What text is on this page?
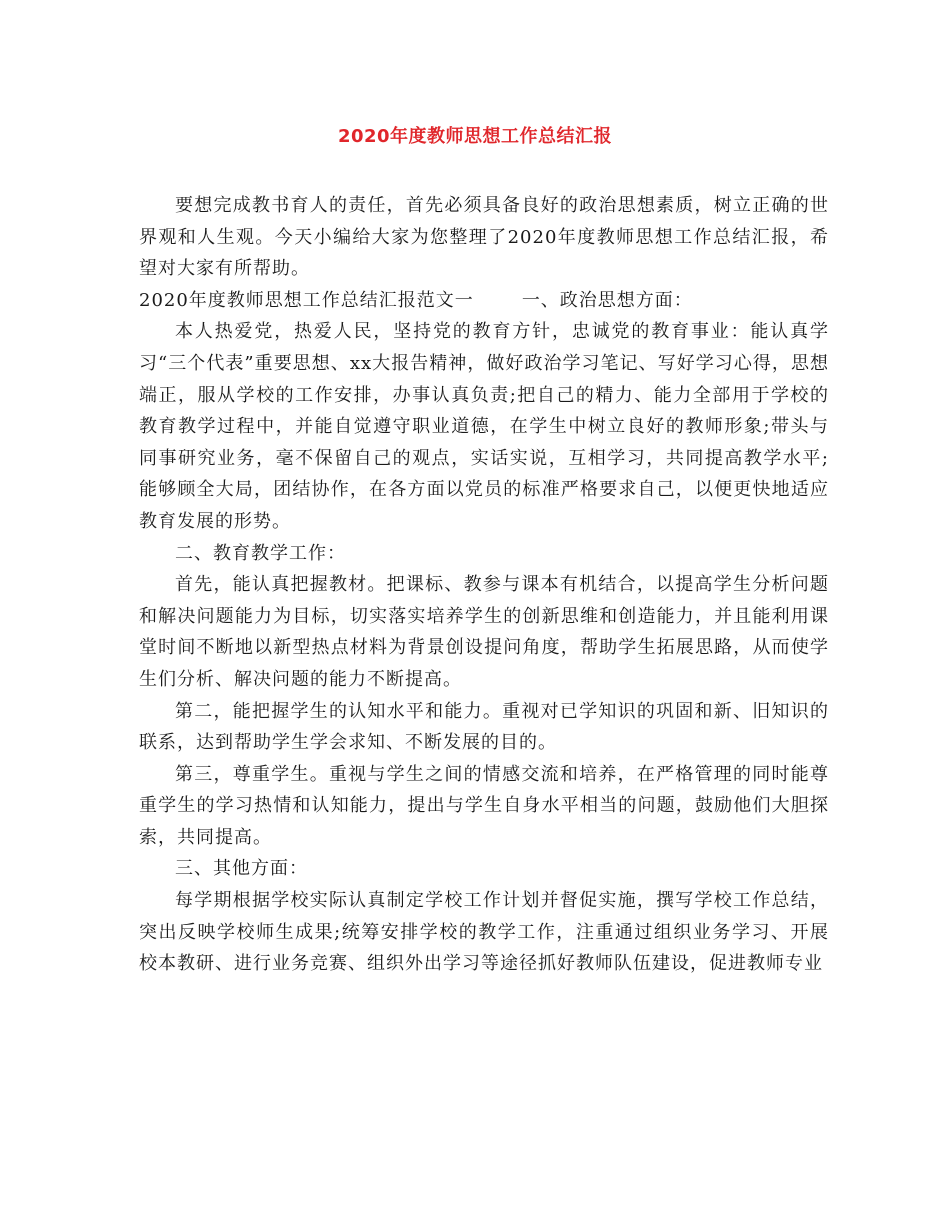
2020年度教师思想工作总结汇报

要想完成教书育人的责任，首先必须具备良好的政治思想素质，树立正确的世界观和人生观。今天小编给大家为您整理了2020年度教师思想工作总结汇报，希望对大家有所帮助。

2020年度教师思想工作总结汇报范文一	一、政治思想方面：

本人热爱党，热爱人民，坚持党的教育方针，忠诚党的教育事业：能认真学习“三个代表”重要思想、xx大报告精神，做好政治学习笔记、写好学习心得，思想端正，服从学校的工作安排，办事认真负责;把自己的精力、能力全部用于学校的教育教学过程中，并能自觉遵守职业道德，在学生中树立良好的教师形象;带头与同事研究业务，毫不保留自己的观点，实话实说，互相学习，共同提高教学水平;能够顾全大局，团结协作，在各方面以党员的标准严格要求自己，以便更快地适应教育发展的形势。

二、教育教学工作：

首先，能认真把握教材。把课标、教参与课本有机结合，以提高学生分析问题和解决问题能力为目标，切实落实培养学生的创新思维和创造能力，并且能利用课堂时间不断地以新型热点材料为背景创设提问角度，帮助学生拓展思路，从而使学生们分析、解决问题的能力不断提高。

第二，能把握学生的认知水平和能力。重视对已学知识的巩固和新、旧知识的联系，达到帮助学生学会求知、不断发展的目的。

第三，尊重学生。重视与学生之间的情感交流和培养，在严格管理的同时能尊重学生的学习热情和认知能力，提出与学生自身水平相当的问题，鼓励他们大胆探索，共同提高。

三、其他方面：

每学期根据学校实际认真制定学校工作计划并督促实施，撰写学校工作总结，突出反映学校师生成果;统筹安排学校的教学工作，注重通过组织业务学习、开展校本教研、进行业务竞赛、组织外出学习等途径抓好教师队伍建设，促进教师专业
